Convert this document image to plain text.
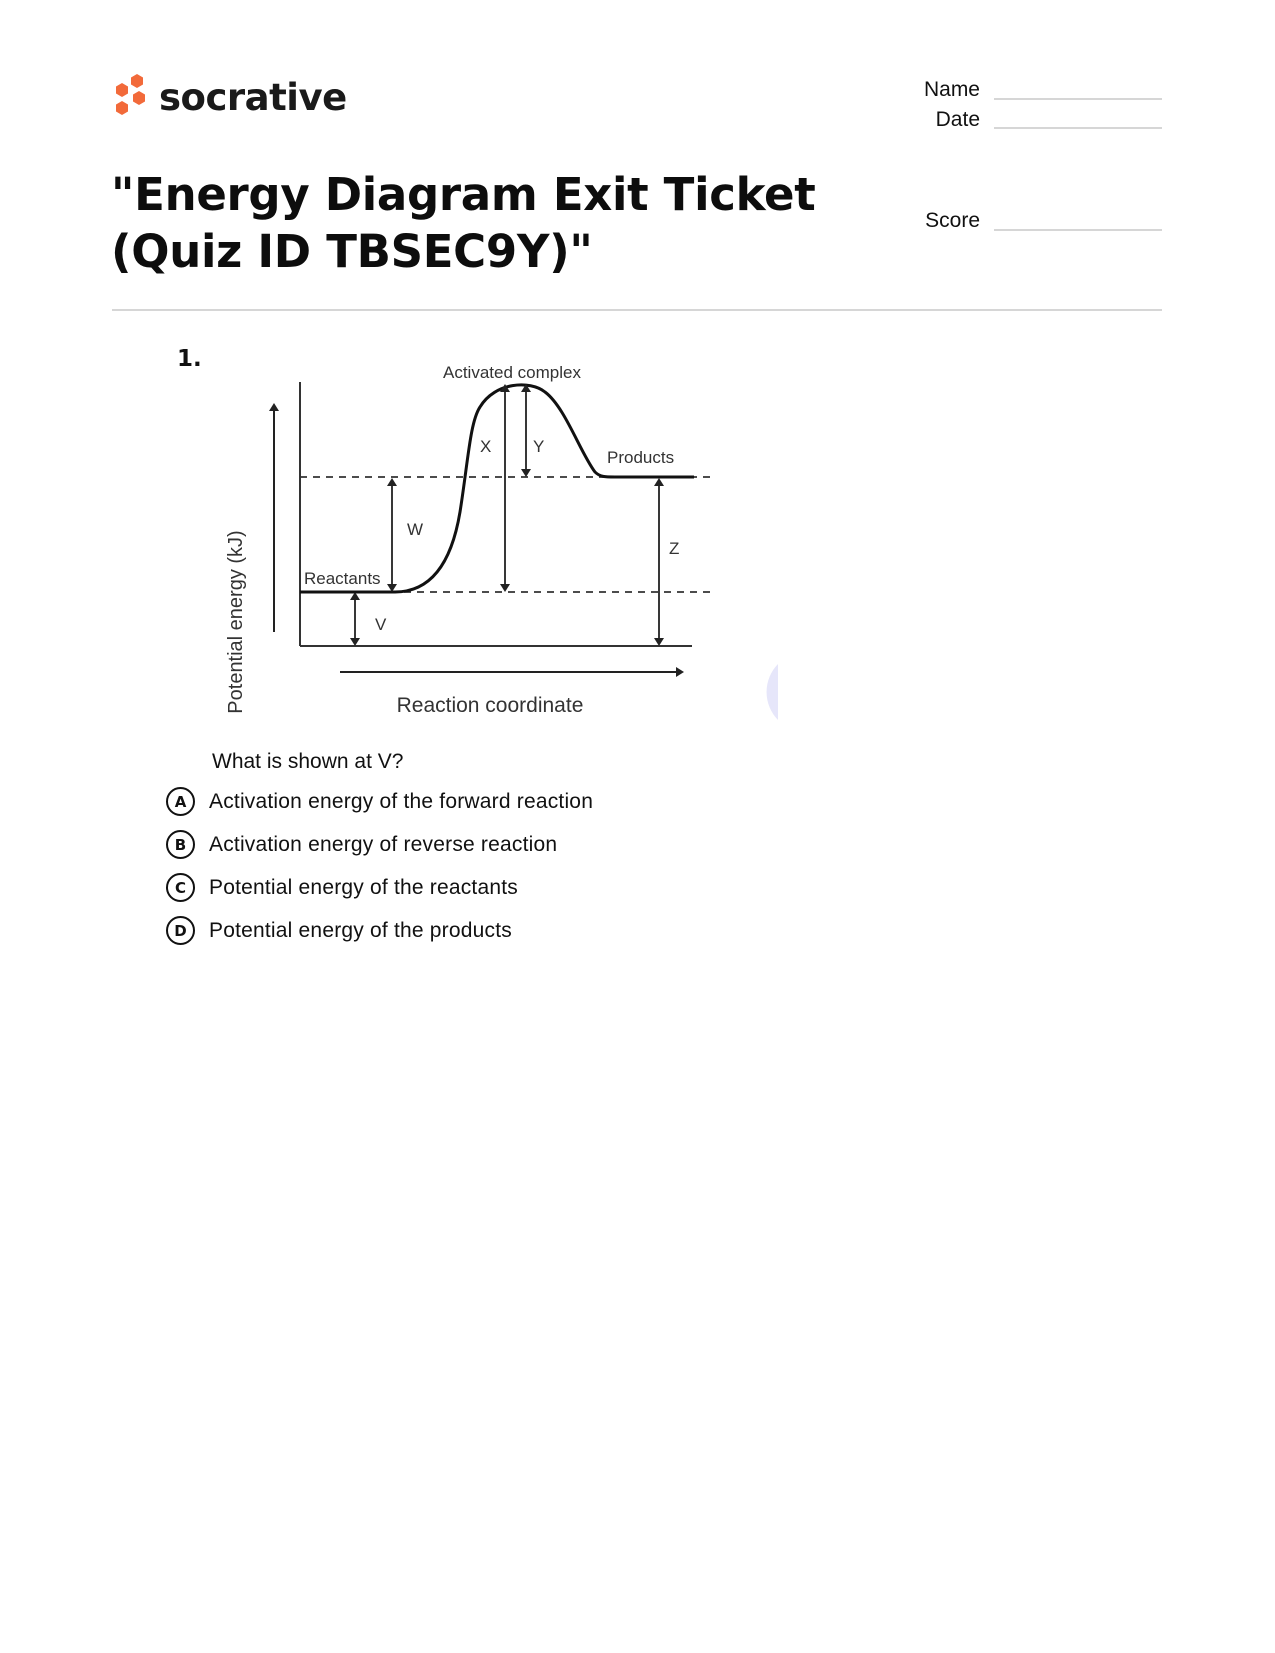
socrative
"Energy Diagram Exit Ticket
(Quiz ID TBSEC9Y)"
Name
Date
Score
1.
Potential energy (kJ)
Activated complex
Products
Reactants
V
W
X Y
Z
Reaction coordinate
What is shown at V?
A	Activation energy of the forward reaction
B	Activation energy of reverse reaction
C	Potential energy of the reactants
D	Potential energy of the products
